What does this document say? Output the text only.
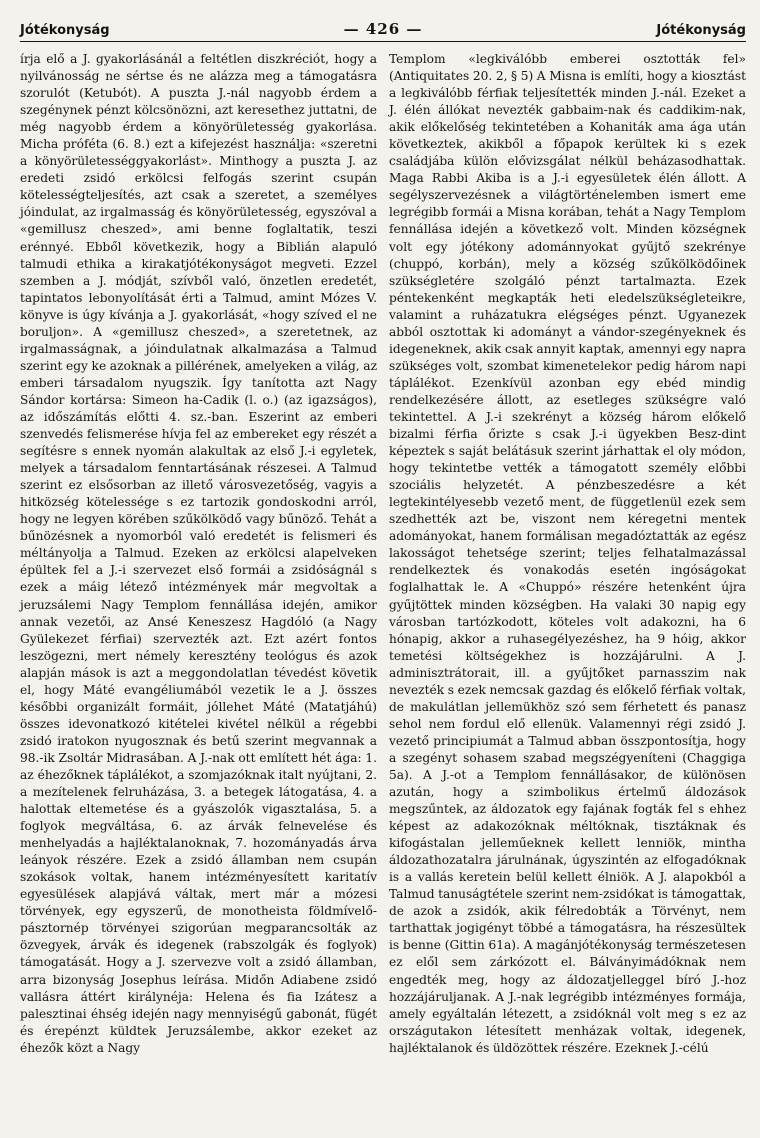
Jótékonyság	— 426 —	Jótékonyság

írja elő a J. gyakorlásánál a feltétlen diszkréciót, hogy a nyilvánosság ne sértse és ne alázza meg a támogatásra szorulót (Ketubót). A puszta J.-nál nagyobb érdem a szegénynek pénzt kölcsönözni, azt keresethez juttatni, de még nagyobb érdem a könyörületesség gyakorlása. Micha próféta (6. 8.) ezt a kifejezést használja: «szeretni a könyörületességgyakorlást». Minthogy a puszta J. az eredeti zsidó erkölcsi felfogás szerint csupán kötelességteljesítés, azt csak a szeretet, a személyes jóindulat, az irgalmasság és könyörületesség, egyszóval a «gemillusz cheszed», ami benne foglaltatik, teszi erénnyé. Ebből következik, hogy a Biblián alapuló talmudi ethika a kirakatjótékonyságot megveti. Ezzel szemben a J. módját, szívből való, önzetlen eredetét, tapintatos lebonyolítását érti a Talmud, amint Mózes V. könyve is úgy kívánja a J. gyakorlását, «hogy szíved el ne boruljon». A «gemillusz cheszed», a szeretetnek, az irgalmasságnak, a jóindulatnak alkalmazása a Talmud szerint egy ke azoknak a pillérének, amelyeken a világ, az emberi társadalom nyugszik. Így tanította azt Nagy Sándor kortársa: Simeon ha-Cadik (l. o.) (az igazságos), az időszámítás előtti 4. sz.-ban. Eszerint az emberi szenvedés felismerése hívja fel az embereket egy részét a segítésre s ennek nyomán alakultak az első J.-i egyletek, melyek a társadalom fenntartásának részesei. A Talmud szerint ez elsősorban az illető városvezetőség, vagyis a hitközség kötelessége s ez tartozik gondoskodni arról, hogy ne legyen körében szűkölködő vagy bűnöző. Tehát a bűnözésnek a nyomorból való eredetét is felismeri és méltányolja a Talmud. Ezeken az erkölcsi alapelveken épültek fel a J.-i szervezet első formái a zsidóságnál s ezek a máig létező intézmények már megvoltak a jeruzsálemi Nagy Templom fennállása idején, amikor annak vezetői, az Ansé Keneszesz Hagdóló (a Nagy Gyülekezet férfiai) szervezték azt. Ezt azért fontos leszögezni, mert némely keresztény teológus és azok alapján mások is azt a meggondolatlan tévedést követik el, hogy Máté evangéliumából vezetik le a J. összes későbbi organizált formáit, jóllehet Máté (Matatjáhú) összes idevonatkozó kitételei kivétel nélkül a régebbi zsidó iratokon nyugosznak és betű szerint megvannak a 98.-ik Zsoltár Midrasában. A J.-nak ott említett hét ága: 1. az éhezőknek táplálékot, a szomjazóknak italt nyújtani, 2. a mezítelenek felruházása, 3. a betegek látogatása, 4. a halottak eltemetése és a gyászolók vigasztalása, 5. a foglyok megváltása, 6. az árvák felnevelése és menhelyadás a hajléktalanoknak, 7. hozományadás árva leányok részére. Ezek a zsidó államban nem csupán szokások voltak, hanem intézményesített karitatív egyesülések alapjává váltak, mert már a mózesi törvények, egy egyszerű, de monotheista földmívelő-pásztornép törvényei szigorúan megparancsolták az özvegyek, árvák és idegenek (rabszolgák és foglyok) támogatását. Hogy a J. szervezve volt a zsidó államban, arra bizonyság Josephus leírása. Midőn Adiabene zsidó vallásra áttért királynéja: Helena és fia Izátesz a palesztinai éhség idején nagy mennyiségű gabonát, fügét és érepénzt küldtek Jeruzsálembe, akkor ezeket az éhezők közt a Nagy

Templom «legkiválóbb emberei osztották fel» (Antiquitates 20. 2, § 5) A Misna is említi, hogy a kiosztást a legkiválóbb férfiak teljesítették minden J.-nál. Ezeket a J. élén állókat nevezték gabbaim-nak és caddikim-nak, akik előkelőség tekintetében a Kohaniták ama ága után következtek, akikből a főpapok kerültek ki s ezek családjába külön elővizsgálat nélkül beházasodhattak. Maga Rabbi Akiba is a J.-i egyesületek élén állott. A segélyszervezésnek a világtörténelemben ismert eme legrégibb formái a Misna korában, tehát a Nagy Templom fennállása idején a következő volt. Minden községnek volt egy jótékony adománnyokat gyűjtő szekrénye (chuppó, korbán), mely a község szűkölködőinek szükségletére szolgáló pénzt tartalmazta. Ezek péntekenként megkapták heti eledelszükségleteikre, valamint a ruházatukra elégséges pénzt. Ugyanezek abból osztottak ki adományt a vándor-szegényeknek és idegeneknek, akik csak annyit kaptak, amennyi egy napra szükséges volt, szombat kimenetelekor pedig három napi táplálékot. Ezenkívül azonban egy ebéd mindig rendelkezésére állott, az esetleges szükségre való tekintettel. A J.-i szekrényt a község három előkelő bizalmi férfia őrizte s csak J.-i ügyekben Besz-dint képeztek s saját belátásuk szerint járhattak el oly módon, hogy tekintetbe vették a támogatott személy előbbi szociális helyzetét. A pénzbeszedésre a két legtekintélyesebb vezető ment, de függetlenül ezek sem szedhették azt be, viszont nem kéregetni mentek adományokat, hanem formálisan megadóztatták az egész lakosságot tehetsége szerint; teljes felhatalmazással rendelkeztek és vonakodás esetén ingóságokat foglalhattak le. A «Chuppó» részére hetenként újra gyűjtöttek minden községben. Ha valaki 30 napig egy városban tartózkodott, köteles volt adakozni, ha 6 hónapig, akkor a ruhasegélyezéshez, ha 9 hóig, akkor temetési költségekhez is hozzájárulni. A J. adminisztrátorait, ill. a gyűjtőket parnasszim nak nevezték s ezek nemcsak gazdag és előkelő férfiak voltak, de makulátlan jellemükhöz szó sem férhetett és panasz sehol nem fordul elő ellenük. Valamennyi régi zsidó J. vezető principiumát a Talmud abban összpontosítja, hogy a szegényt sohasem szabad megszégyeníteni (Chaggiga 5a). A J.-ot a Templom fennállásakor, de különösen azután, hogy a szimbolikus értelmű áldozások megszűntek, az áldozatok egy fajának fogták fel s ehhez képest az adakozóknak méltóknak, tisztáknak és kifogástalan jelleműeknek kellett lenniök, mintha áldozathozatalra járulnának, úgyszintén az elfogadóknak is a vallás keretein belül kellett élniök. A J. alapokból a Talmud tanuságtétele szerint nem-zsidókat is támogattak, de azok a zsidók, akik félredobták a Törvényt, nem tarthattak jogigényt többé a támogatásra, ha részesültek is benne (Gittin 61a). A magánjótékonyság természetesen ez elől sem zárkózott el. Bálványimádóknak nem engedték meg, hogy az áldozatjelleggel bíró J.-hoz hozzájáruljanak. A J.-nak legrégibb intézményes formája, amely egyáltalán létezett, a zsidóknál volt meg s ez az országutakon létesített menházak voltak, idegenek, hajléktalanok és üldözöttek részére. Ezeknek J.-célú
